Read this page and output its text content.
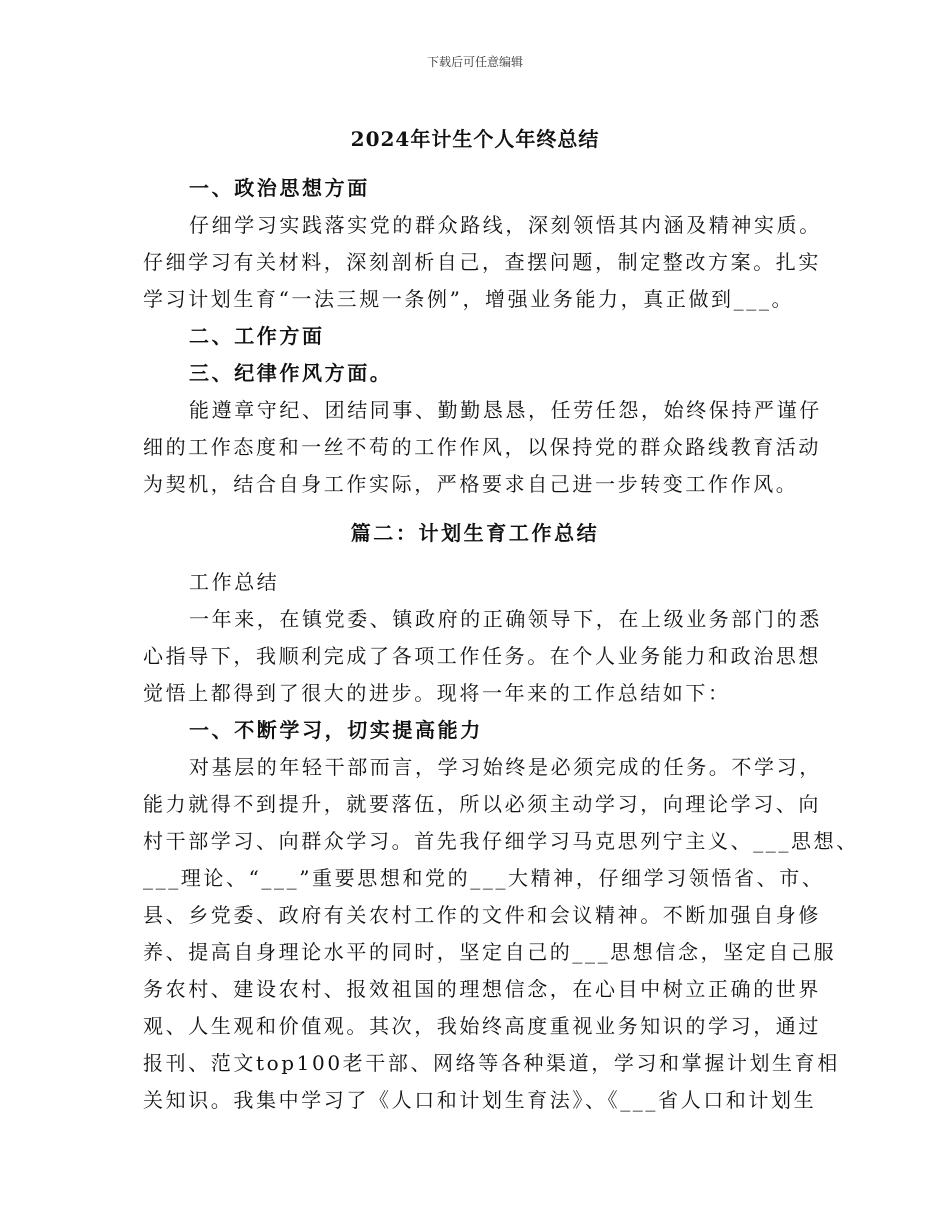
下载后可任意编辑
2024年计生个人年终总结
一、政治思想方面
仔细学习实践落实党的群众路线，深刻领悟其内涵及精神实质。
仔细学习有关材料，深刻剖析自己，查摆问题，制定整改方案。扎实
学习计划生育“一法三规一条例”，增强业务能力，真正做到___。
二、工作方面
三、纪律作风方面。
能遵章守纪、团结同事、勤勤恳恳，任劳任怨，始终保持严谨仔
细的工作态度和一丝不苟的工作作风，以保持党的群众路线教育活动
为契机，结合自身工作实际，严格要求自己进一步转变工作作风。
篇二：计划生育工作总结
工作总结
一年来，在镇党委、镇政府的正确领导下，在上级业务部门的悉
心指导下，我顺利完成了各项工作任务。在个人业务能力和政治思想
觉悟上都得到了很大的进步。现将一年来的工作总结如下：
一、不断学习，切实提高能力
对基层的年轻干部而言，学习始终是必须完成的任务。不学习，
能力就得不到提升，就要落伍，所以必须主动学习，向理论学习、向
村干部学习、向群众学习。首先我仔细学习马克思列宁主义、___思想、
___理论、“___”重要思想和党的___大精神，仔细学习领悟省、市、
县、乡党委、政府有关农村工作的文件和会议精神。不断加强自身修
养、提高自身理论水平的同时，坚定自己的___思想信念，坚定自己服
务农村、建设农村、报效祖国的理想信念，在心目中树立正确的世界
观、人生观和价值观。其次，我始终高度重视业务知识的学习，通过
报刊、范文top100老干部、网络等各种渠道，学习和掌握计划生育相
关知识。我集中学习了《人口和计划生育法》、《___省人口和计划生
